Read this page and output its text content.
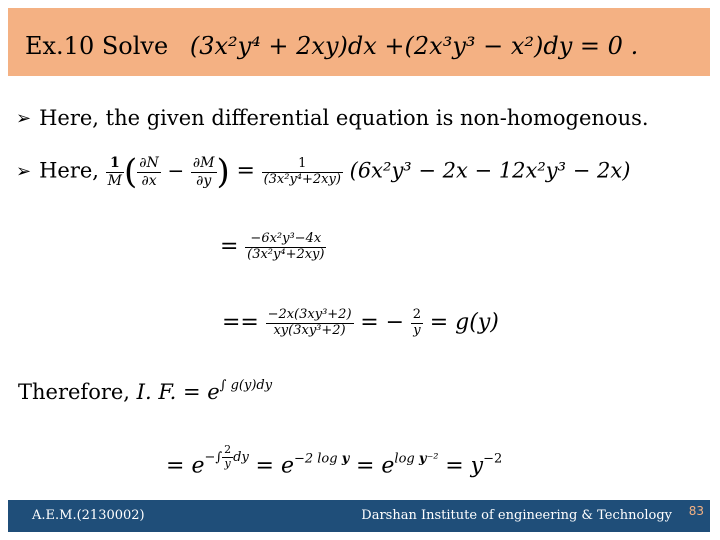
Ex.10 Solve (3x²y⁴ + 2xy)dx +(2x³y³ − x²)dy = 0 .
➢ Here, the given differential equation is non-homogenous.
➢ Here, $\frac{1}{M}$ ( $\frac{\partial N}{\partial x} - \frac{\partial M}{\partial y}$ ) = $\frac{1}{\text{(3x²y⁴+2xy)}} (6x^2y^3 - 2x - 12x^2y^3 - 2x)$
= $\frac{\text{−6x²y³−4x}}{\text{(3x²y⁴+2xy)}}$
== $\frac{\text{−2x(3xy³+2)}}{\text{xy(3xy³+2)}}$ = − $\frac{2}{y} = g(y)$
Therefore, I. F. = $e^{\int g(y)dy}$
= $e^{-\int \frac{2}{y} dy} = e^{-2 log y} = e^{log y^{-2}} = y^{-2}$
A.E.M.(2130002)	Darshan Institute of engineering & Technology 83
